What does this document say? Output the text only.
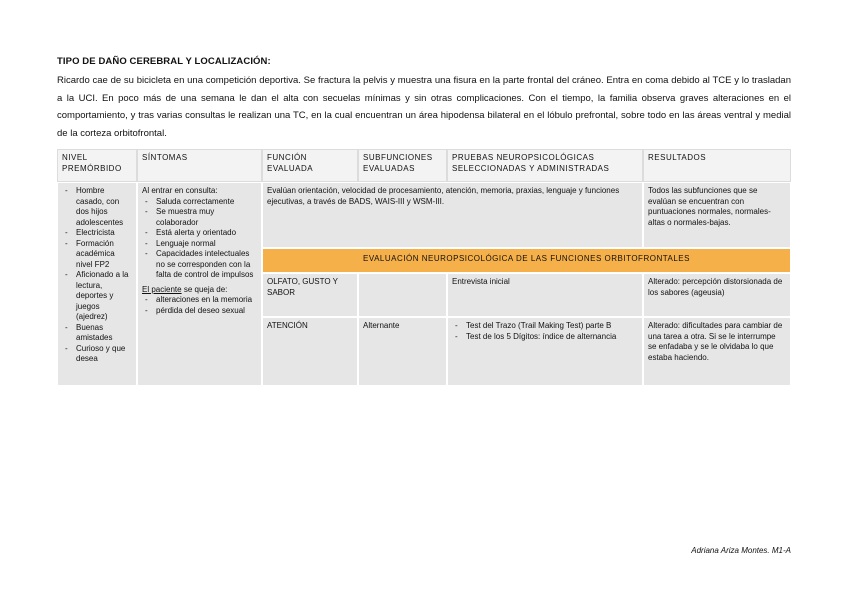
TIPO DE DAÑO CEREBRAL Y LOCALIZACIÓN:
Ricardo cae de su bicicleta en una competición deportiva. Se fractura la pelvis y muestra una fisura en la parte frontal del cráneo. Entra en coma debido al TCE y lo trasladan a la UCI. En poco más de una semana le dan el alta con secuelas mínimas y sin otras complicaciones. Con el tiempo, la familia observa graves alteraciones en el comportamiento, y tras varias consultas le realizan una TC, en la cual encuentran un área hipodensa bilateral en el lóbulo prefrontal, sobre todo en las áreas ventral y medial de la corteza orbitofrontal.
NIVEL PREMÓRBIDO
SÍNTOMAS	FUNCIÓN EVALUADA
SUBFUNCIONES EVALUADAS
PRUEBAS NEUROPSICOLÓGICAS SELECCIONADAS Y ADMINISTRADAS
RESULTADOS
- Hombre casado, con dos hijos adolescentes
- Electricista
- Formación académica nivel FP2
- Aficionado a la lectura, deportes y juegos (ajedrez)
- Buenas amistades
- Curioso y que desea
Al entrar en consulta:
- Saluda correctamente
- Se muestra muy colaborador
- Está alerta y orientado
- Lenguaje normal
- Capacidades intelectuales no se corresponden con la falta de control de impulsos
El paciente se queja de:
- alteraciones en la memoria
- pérdida del deseo sexual
Evalúan orientación, velocidad de procesamiento, atención, memoria, praxias, lenguaje y funciones ejecutivas, a través de BADS, WAIS-III y WSM-III.
Todos las subfunciones que se evalúan se encuentran con puntuaciones normales, normales-altas o normales-bajas.
EVALUACIÓN NEUROPSICOLÓGICA DE LAS FUNCIONES ORBITOFRONTALES
OLFATO, GUSTO Y SABOR
Entrevista inicial	Alterado: percepción distorsionada de los sabores (ageusia)
ATENCIÓN	Alternante
-	Test del Trazo (Trail Making Test) parte B
- Test de los 5 Dígitos: índice de alternancia
Alterado: dificultades para cambiar de una tarea a otra. Si se le interrumpe se enfadaba y se le olvidaba lo que estaba haciendo.
Adriana Ariza Montes. M1-A
